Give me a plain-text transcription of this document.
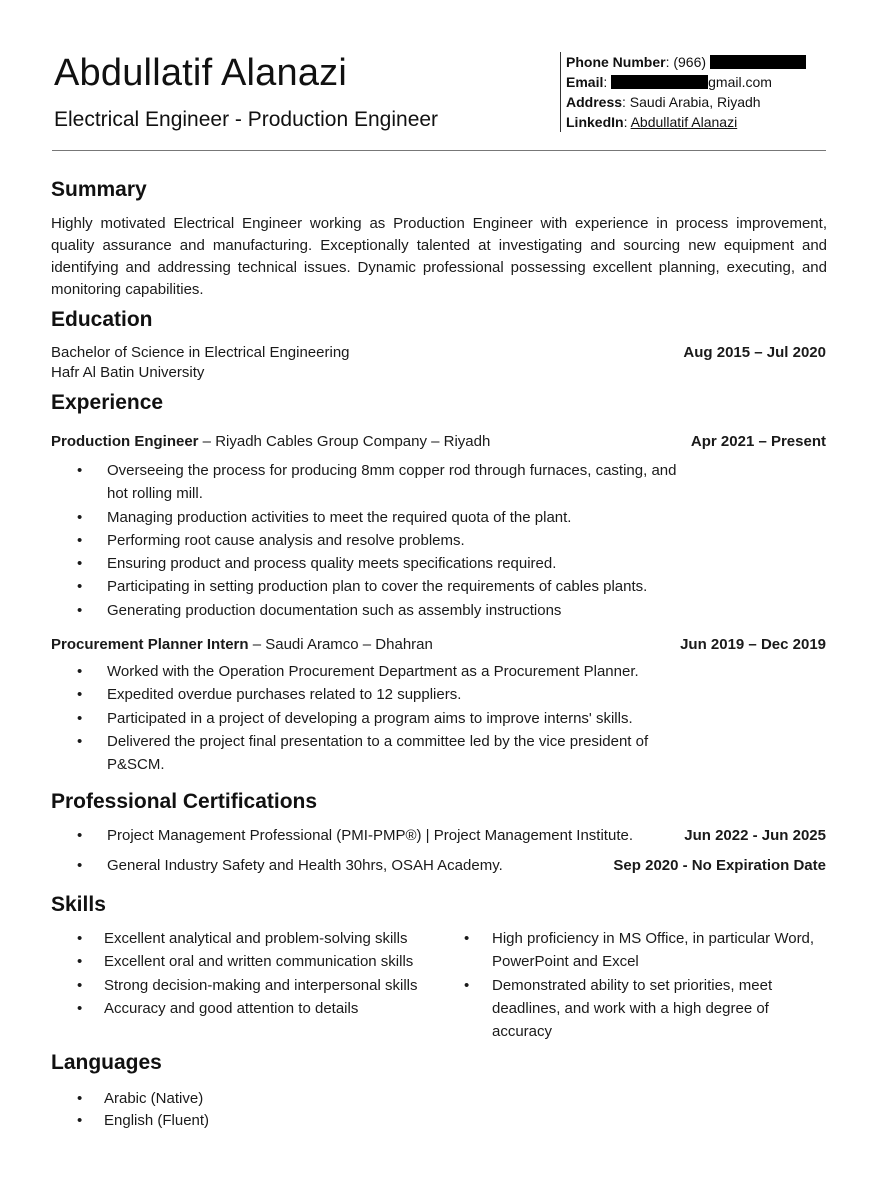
Abdullatif Alanazi
Electrical Engineer - Production Engineer
Phone Number: (966)
Email:	gmail.com
Address: Saudi Arabia, Riyadh
LinkedIn: Abdullatif Alanazi
Summary
Highly motivated Electrical Engineer working as Production Engineer with experience in process improvement, quality assurance and manufacturing. Exceptionally talented at investigating and sourcing new equipment and identifying and addressing technical issues. Dynamic professional possessing excellent planning, executing, and monitoring capabilities.
Education
Bachelor of Science in Electrical Engineering	Aug 2015 – Jul 2020
Hafr Al Batin University
Experience
Production Engineer – Riyadh Cables Group Company – Riyadh	Apr 2021 – Present
• Overseeing the process for producing 8mm copper rod through furnaces, casting, and hot rolling mill.
• Managing production activities to meet the required quota of the plant.
• Performing root cause analysis and resolve problems.
• Ensuring product and process quality meets specifications required.
• Participating in setting production plan to cover the requirements of cables plants.
• Generating production documentation such as assembly instructions
Procurement Planner Intern – Saudi Aramco – Dhahran	Jun 2019 – Dec 2019
• Worked with the Operation Procurement Department as a Procurement Planner.
• Expedited overdue purchases related to 12 suppliers.
• Participated in a project of developing a program aims to improve interns' skills.
• Delivered the project final presentation to a committee led by the vice president of P&SCM.
Professional Certifications
• Project Management Professional (PMI-PMP®) | Project Management Institute.	Jun 2022 - Jun 2025
• General Industry Safety and Health 30hrs, OSAH Academy.	Sep 2020 - No Expiration Date
Skills
• Excellent analytical and problem-solving skills
• Excellent oral and written communication skills
• Strong decision-making and interpersonal skills
• Accuracy and good attention to details
• High proficiency in MS Office, in particular Word, PowerPoint and Excel
• Demonstrated ability to set priorities, meet deadlines, and work with a high degree of accuracy
Languages
• Arabic (Native)
• English (Fluent)
